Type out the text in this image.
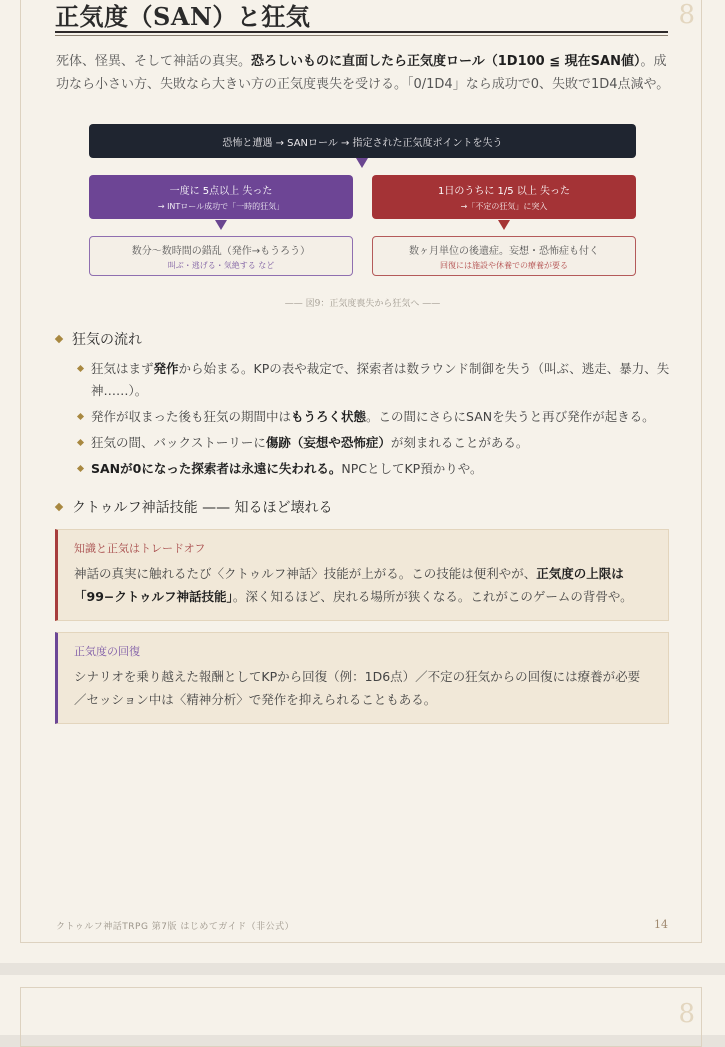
8
正気度（SAN）と狂気

死体、怪異、そして神話の真実。恐ろしいものに直面したら正気度ロール（1D100 ≦ 現在SAN値）。成功なら小さい方、失敗なら大きい方の正気度喪失を受ける。「0/1D4」なら成功で0、失敗で1D4点減や。

恐怖と遭遇 → SANロール → 指定された正気度ポイントを失う
一度に 5点以上 失った
→ INTロール成功で「一時的狂気」
1日のうちに 1/5 以上 失った
→「不定の狂気」に突入
数分〜数時間の錯乱（発作→もうろう）
叫ぶ・逃げる・気絶する など
数ヶ月単位の後遺症。妄想・恐怖症も付く
回復には施設や休養での療養が要る
—— 図9：正気度喪失から狂気へ ——
狂気の流れ
狂気はまず発作から始まる。KPの表や裁定で、探索者は数ラウンド制御を失う（叫ぶ、逃走、暴力、失神……）。
発作が収まった後も狂気の期間中はもうろく状態。この間にさらにSANを失うと再び発作が起きる。
狂気の間、バックストーリーに傷跡（妄想や恐怖症）が刻まれることがある。
SANが0になった探索者は永遠に失われる。NPCとしてKP預かりや。
クトゥルフ神話技能 —— 知るほど壊れる
知識と正気はトレードオフ
神話の真実に触れるたび〈クトゥルフ神話〉技能が上がる。この技能は便利やが、正気度の上限は「99−クトゥルフ神話技能」。深く知るほど、戻れる場所が狭くなる。これがこのゲームの背骨や。
正気度の回復
シナリオを乗り越えた報酬としてKPから回復（例：1D6点）／不定の狂気からの回復には療養が必要／セッション中は〈精神分析〉で発作を抑えられることもある。
クトゥルフ神話TRPG 第7版 はじめてガイド（非公式）	14
8
